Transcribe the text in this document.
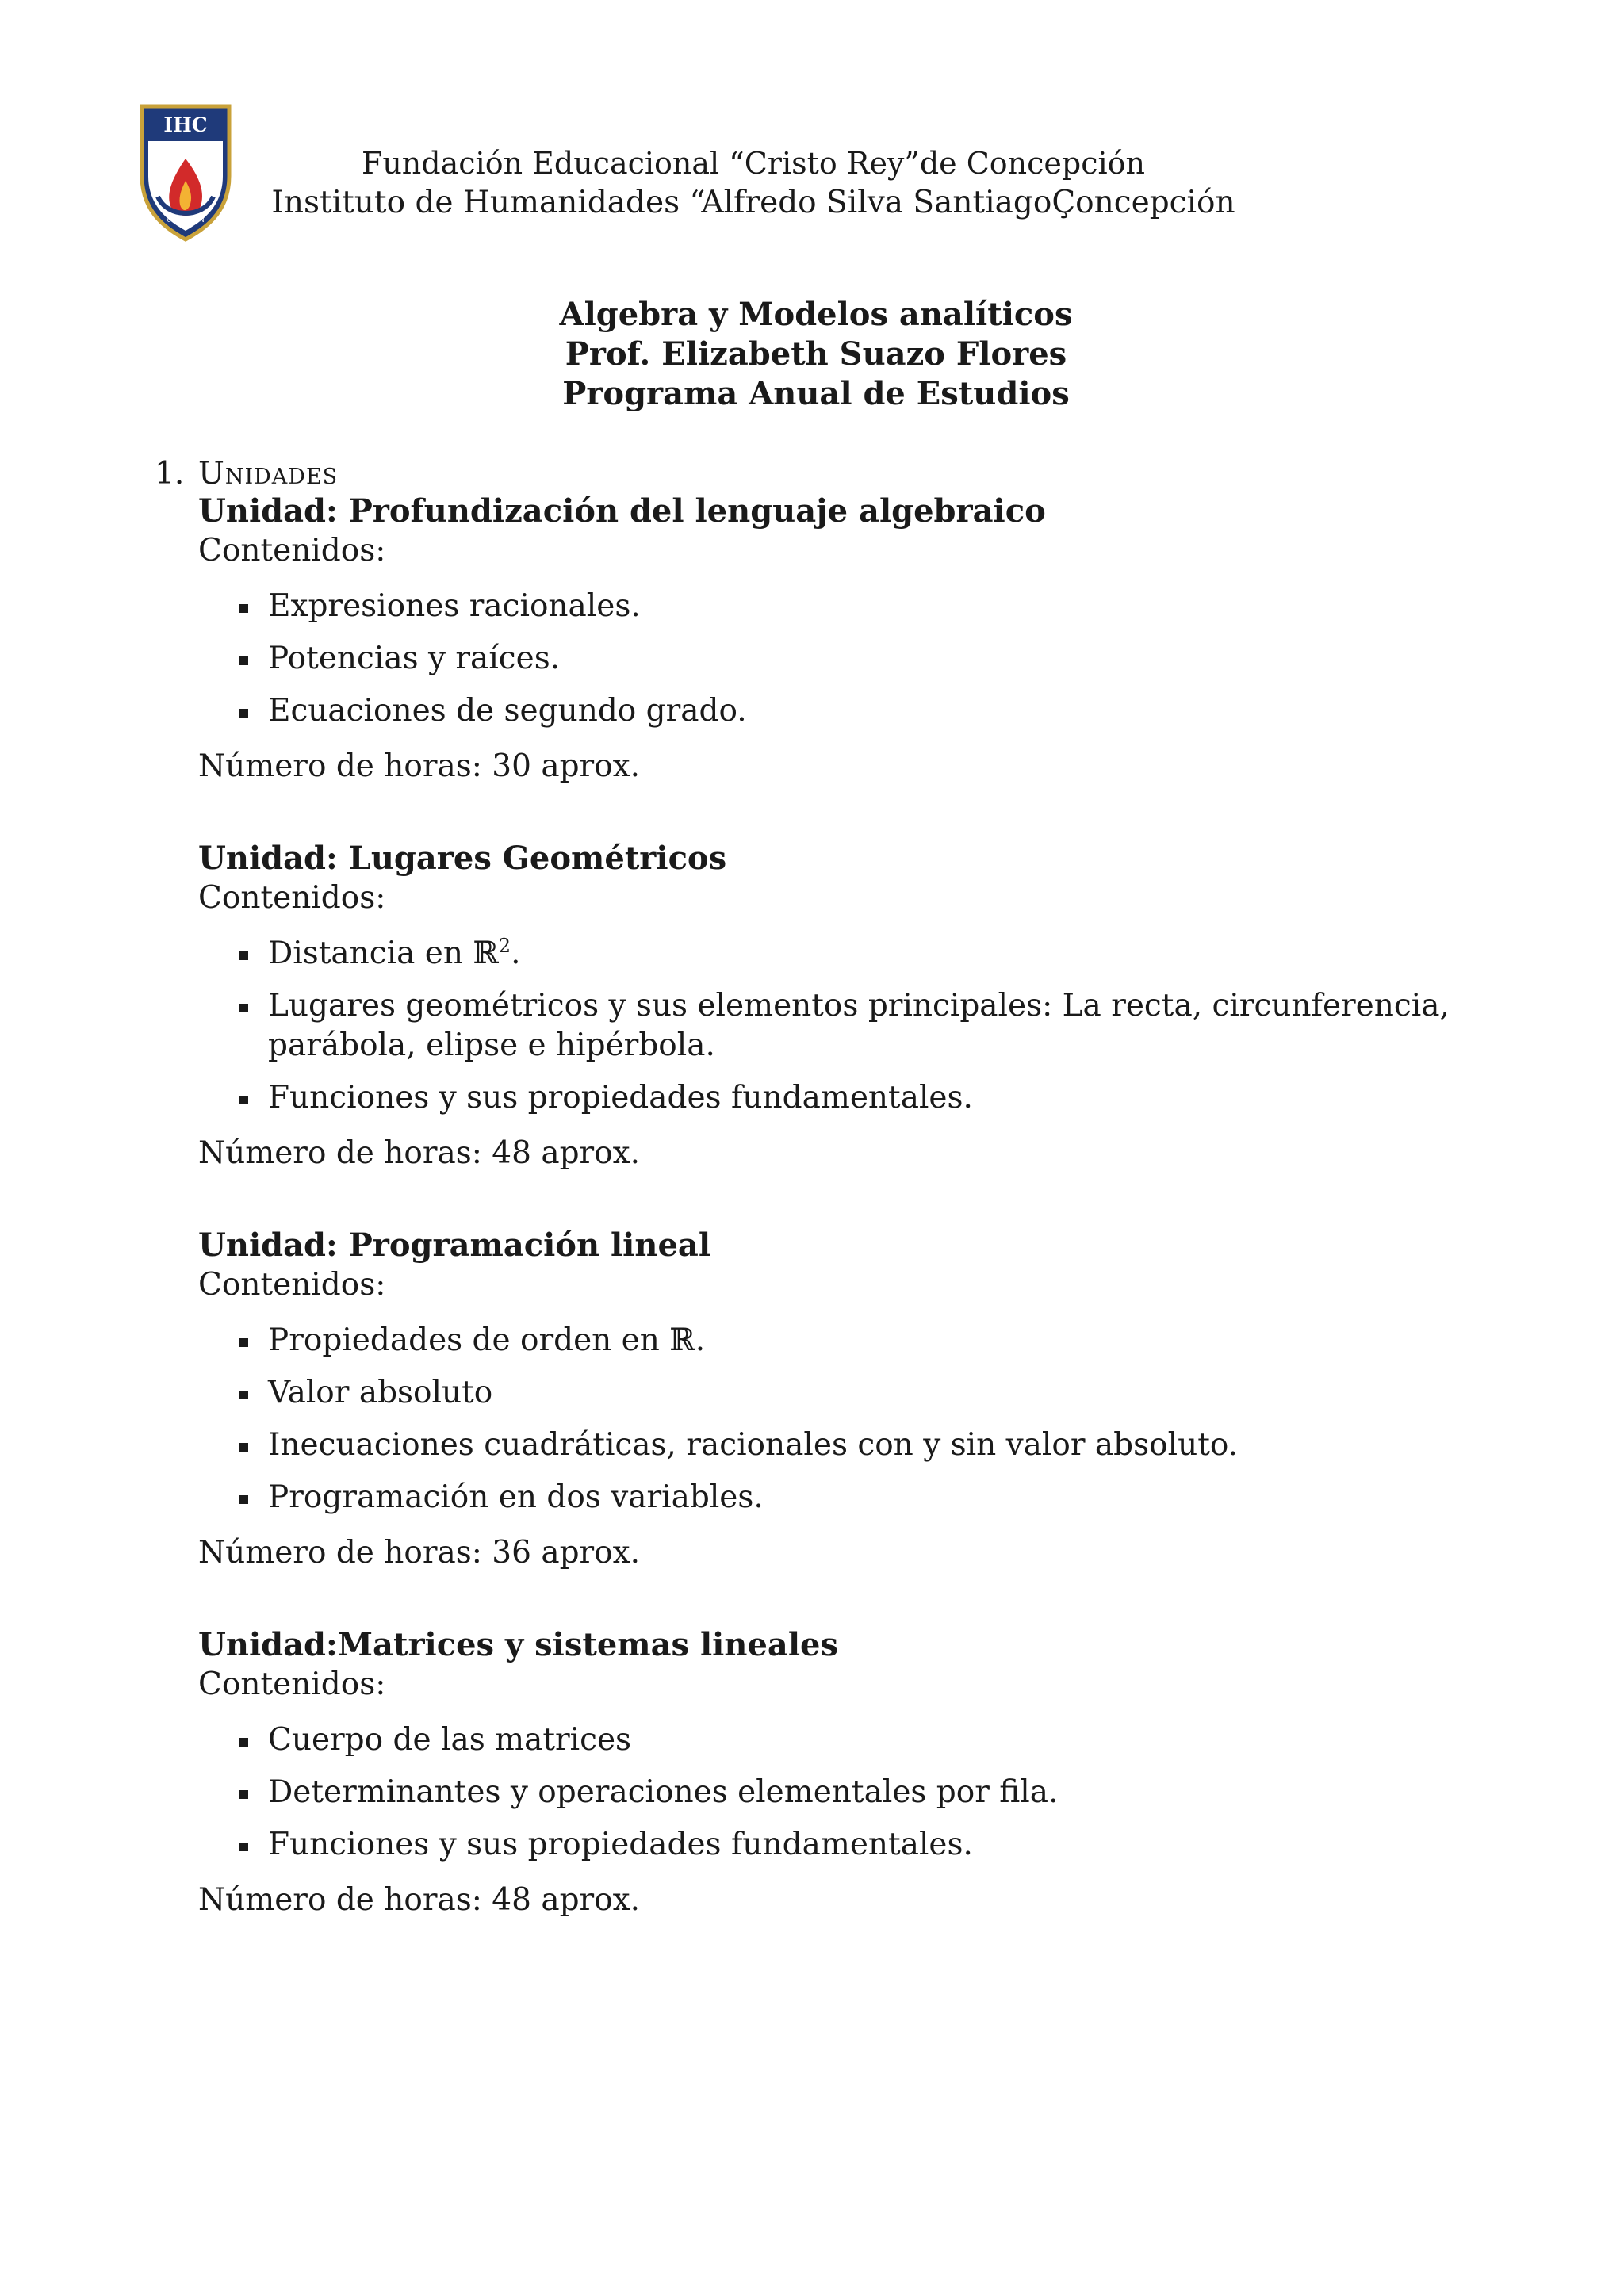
IHC
CONCEPCIÓN
Fundación Educacional “Cristo Rey”de Concepción
Instituto de Humanidades “Alfredo Silva SantiagoÇoncepción
Algebra y Modelos analíticos
Prof. Elizabeth Suazo Flores
Programa Anual de Estudios
1. Unidades
Unidad: Profundización del lenguaje algebraico
Contenidos:
Expresiones racionales.
Potencias y raíces.
Ecuaciones de segundo grado.
Número de horas: 30 aprox.
Unidad: Lugares Geométricos
Contenidos:
Distancia en ℝ$^2$.
Lugares geométricos y sus elementos principales: La recta, circunferencia, parábola, elipse e hipérbola.
Funciones y sus propiedades fundamentales.
Número de horas: 48 aprox.
Unidad: Programación lineal
Contenidos:
Propiedades de orden en ℝ.
Valor absoluto
Inecuaciones cuadráticas, racionales con y sin valor absoluto.
Programación en dos variables.
Número de horas: 36 aprox.
Unidad:Matrices y sistemas lineales
Contenidos:
Cuerpo de las matrices
Determinantes y operaciones elementales por fila.
Funciones y sus propiedades fundamentales.
Número de horas: 48 aprox.
